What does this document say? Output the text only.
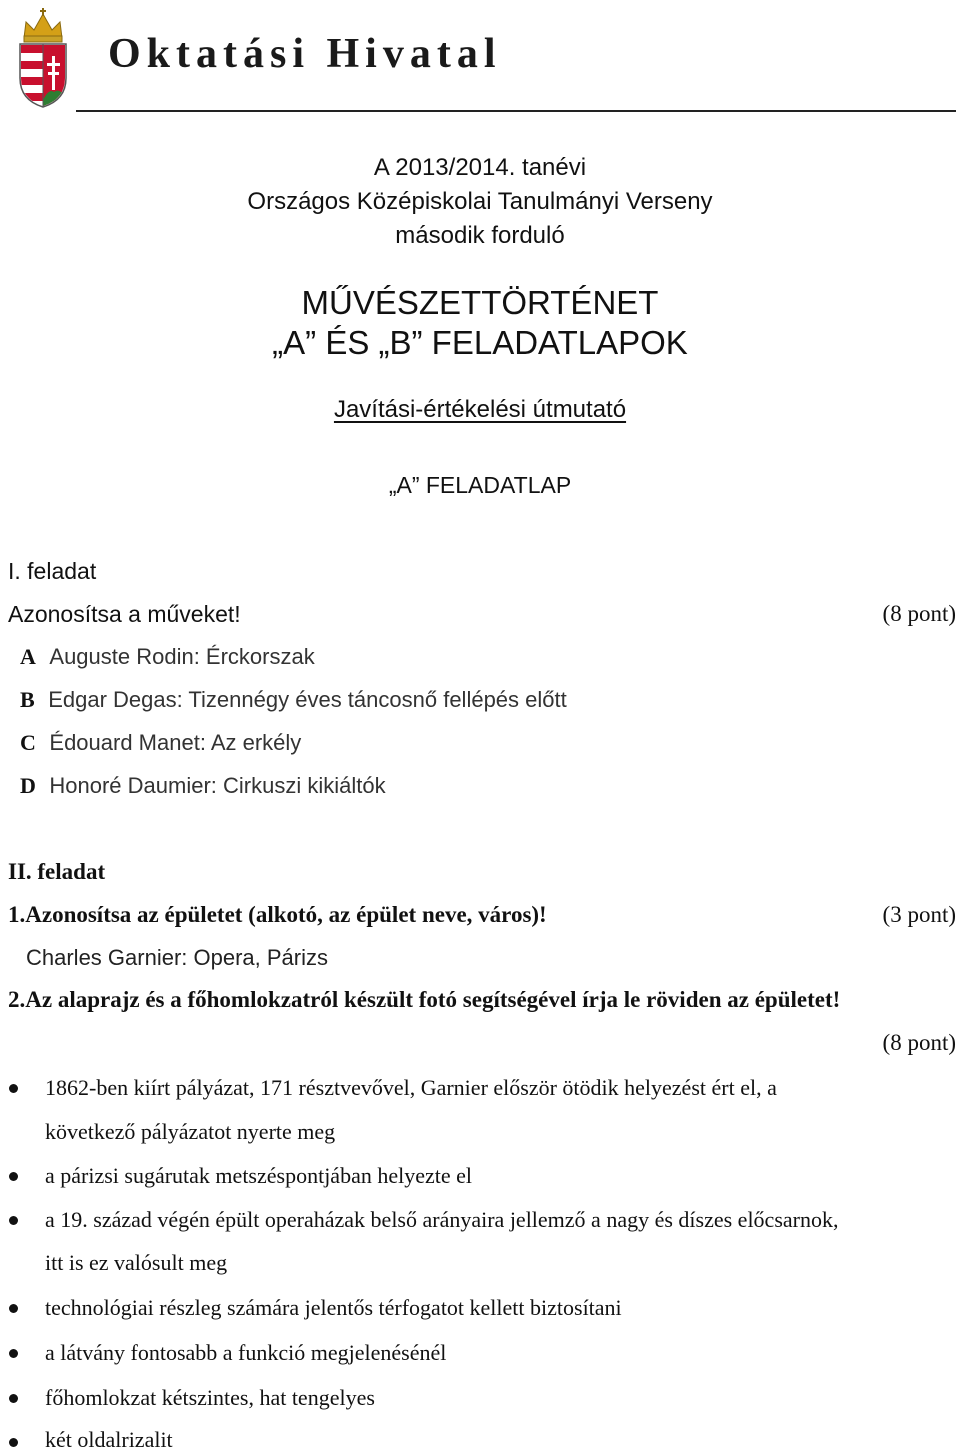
Oktatási Hivatal
A 2013/2014. tanévi
Országos Középiskolai Tanulmányi Verseny
második forduló
MŰVÉSZETTÖRTÉNET
„A” ÉS „B” FELADATLAPOK
Javítási-értékelési útmutató
„A” FELADATLAP
I. feladat
Azonosítsa a műveket!	(8 pont)
A Auguste Rodin: Érckorszak
B Edgar Degas: Tizennégy éves táncosnő fellépés előtt
C Édouard Manet: Az erkély
D Honoré Daumier: Cirkuszi kikiáltók
II. feladat
1.Azonosítsa az épületet (alkotó, az épület neve, város)!	(3 pont)
Charles Garnier: Opera, Párizs
2.Az alaprajz és a főhomlokzatról készült fotó segítségével írja le röviden az épületet!
(8 pont)
1862-ben kiírt pályázat, 171 résztvevővel, Garnier először ötödik helyezést ért el, a
következő pályázatot nyerte meg
a párizsi sugárutak metszéspontjában helyezte el
a 19. század végén épült operaházak belső arányaira jellemző a nagy és díszes előcsarnok,
itt is ez valósult meg
technológiai részleg számára jelentős térfogatot kellett biztosítani
a látvány fontosabb a funkció megjelenésénél
főhomlokzat kétszintes, hat tengelyes
két oldalrizalit
